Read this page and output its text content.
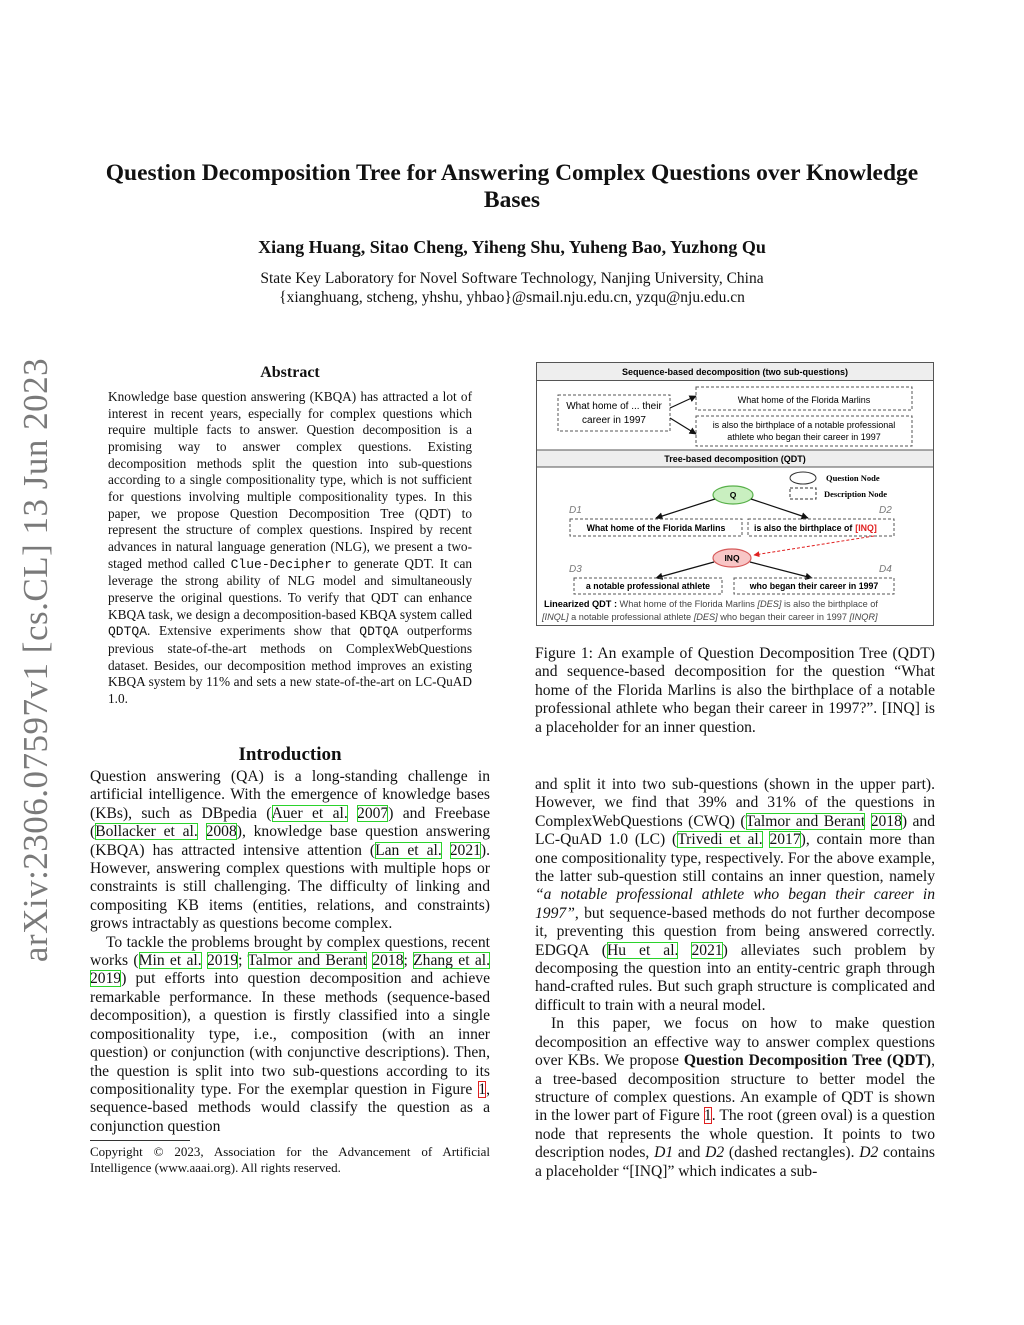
Question Decomposition Tree for Answering Complex Questions over Knowledge Bases
Xiang Huang, Sitao Cheng, Yiheng Shu, Yuheng Bao, Yuzhong Qu
State Key Laboratory for Novel Software Technology, Nanjing University, China
{xianghuang, stcheng, yhshu, yhbao}@smail.nju.edu.cn, yzqu@nju.edu.cn
arXiv:2306.07597v1 [cs.CL] 13 Jun 2023	Abstract
Knowledge base question answering (KBQA) has attracted a lot of interest in recent years, especially for complex questions which require multiple facts to answer. Question decomposition is a promising way to answer complex questions. Existing decomposition methods split the question into sub-questions according to a single compositionality type, which is not sufficient for questions involving multiple compositionality types. In this paper, we propose Question Decomposition Tree (QDT) to represent the structure of complex questions. Inspired by recent advances in natural language generation (NLG), we present a two-staged method called Clue-Decipher to generate QDT. It can leverage the strong ability of NLG model and simultaneously preserve the original questions. To verify that QDT can enhance KBQA task, we design a decomposition-based KBQA system called QDTQA. Extensive experiments show that QDTQA outperforms previous state-of-the-art methods on ComplexWebQuestions dataset. Besides, our decomposition method improves an existing KBQA system by 11% and sets a new state-of-the-art on LC-QuAD 1.0.
Introduction

Question answering (QA) is a long-standing challenge in artificial intelligence. With the emergence of knowledge bases (KBs), such as DBpedia (Auer et al. 2007) and Freebase (Bollacker et al. 2008), knowledge base question answering (KBQA) has attracted intensive attention (Lan et al. 2021). However, answering complex questions with multiple hops or constraints is still challenging. The difficulty of linking and compositing KB items (entities, relations, and constraints) grows intractably as questions become complex.

To tackle the problems brought by complex questions, recent works (Min et al. 2019; Talmor and Berant 2018; Zhang et al. 2019) put efforts into question decomposition and achieve remarkable performance. In these methods (sequence-based decomposition), a question is firstly classified into a single compositionality type, i.e., composition (with an inner question) or conjunction (with conjunctive descriptions). Then, the question is split into two sub-questions according to its compositionality type. For the exemplar question in Figure 1, sequence-based methods would classify the question as a conjunction question

Copyright © 2023, Association for the Advancement of Artificial Intelligence (www.aaai.org). All rights reserved.
Sequence-based decomposition (two sub-questions)
What home of ... their
career in 1997
What home of the Florida Marlins
is also the birthplace of a notable professional
athlete who began their career in 1997
Tree-based decomposition (QDT)
Question Node
Description Node
Q
D1	D2
What home of the Florida Marlins	is also the birthplace of [INQ]
INQ
D3	D4
a notable professional athlete	who began their career in 1997
Linearized QDT : What home of the Florida Marlins [DES] is also the birthplace of
[INQL] a notable professional athlete [DES] who began their career in 1997 [INQR]
Figure 1: An example of Question Decomposition Tree (QDT) and sequence-based decomposition for the question “What home of the Florida Marlins is also the birthplace of a notable professional athlete who began their career in 1997?”. [INQ] is a placeholder for an inner question.

and split it into two sub-questions (shown in the upper part). However, we find that 39% and 31% of the questions in ComplexWebQuestions (CWQ) (Talmor and Berant 2018) and LC-QuAD 1.0 (LC) (Trivedi et al. 2017), contain more than one compositionality type, respectively. For the above example, the latter sub-question still contains an inner question, namely “a notable professional athlete who began their career in 1997”, but sequence-based methods do not further decompose it, preventing this question from being answered correctly. EDGQA (Hu et al. 2021) alleviates such problem by decomposing the question into an entity-centric graph through hand-crafted rules. But such graph structure is complicated and difficult to train with a neural model.

In this paper, we focus on how to make question decomposition an effective way to answer complex questions over KBs. We propose Question Decomposition Tree (QDT), a tree-based decomposition structure to better model the structure of complex questions. An example of QDT is shown in the lower part of Figure 1. The root (green oval) is a question node that represents the whole question. It points to two description nodes, D1 and D2 (dashed rectangles). D2 contains a placeholder “[INQ]” which indicates a sub-
